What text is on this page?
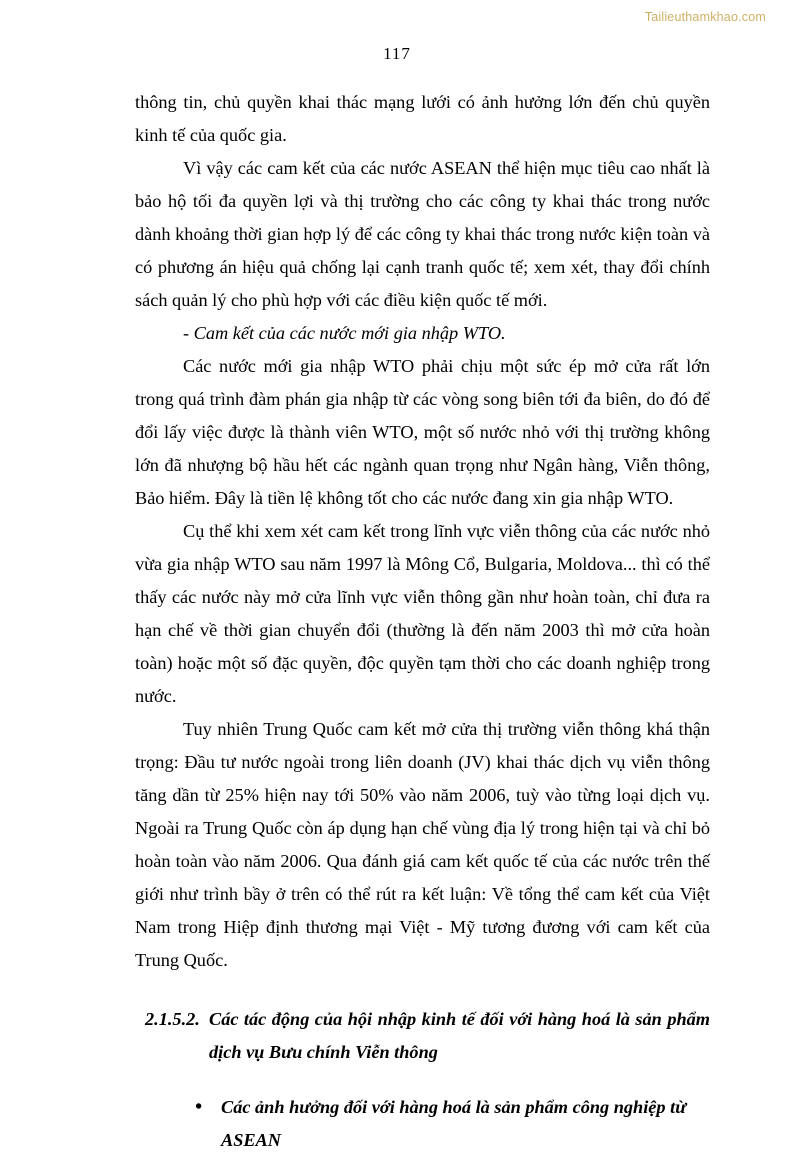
Tailieuthamkhao.com
117

thông tin, chủ quyền khai thác mạng lưới có ảnh hưởng lớn đến chủ quyền kinh tế của quốc gia.

Vì vậy các cam kết của các nước ASEAN thể hiện mục tiêu cao nhất là bảo hộ tối đa quyền lợi và thị trường cho các công ty khai thác trong nước dành khoảng thời gian hợp lý để các công ty khai thác trong nước kiện toàn và có phương án hiệu quả chống lại cạnh tranh quốc tế; xem xét, thay đổi chính sách quản lý cho phù hợp với các điều kiện quốc tế mới.

- Cam kết của các nước mới gia nhập WTO.

Các nước mới gia nhập WTO phải chịu một sức ép mở cửa rất lớn trong quá trình đàm phán gia nhập từ các vòng song biên tới đa biên, do đó để đổi lấy việc được là thành viên WTO, một số nước nhỏ với thị trường không lớn đã nhượng bộ hầu hết các ngành quan trọng như Ngân hàng, Viễn thông, Bảo hiểm. Đây là tiền lệ không tốt cho các nước đang xin gia nhập WTO.

Cụ thể khi xem xét cam kết trong lĩnh vực viễn thông của các nước nhỏ vừa gia nhập WTO sau năm 1997 là Mông Cổ, Bulgaria, Moldova... thì có thể thấy các nước này mở cửa lĩnh vực viễn thông gần như hoàn toàn, chỉ đưa ra hạn chế về thời gian chuyển đổi (thường là đến năm 2003 thì mở cửa hoàn toàn) hoặc một số đặc quyền, độc quyền tạm thời cho các doanh nghiệp trong nước.

Tuy nhiên Trung Quốc cam kết mở cửa thị trường viễn thông khá thận trọng: Đầu tư nước ngoài trong liên doanh (JV) khai thác dịch vụ viễn thông tăng dần từ 25% hiện nay tới 50% vào năm 2006, tuỳ vào từng loại dịch vụ. Ngoài ra Trung Quốc còn áp dụng hạn chế vùng địa lý trong hiện tại và chỉ bỏ hoàn toàn vào năm 2006. Qua đánh giá cam kết quốc tế của các nước trên thế giới như trình bầy ở trên có thể rút ra kết luận: Về tổng thể cam kết của Việt Nam trong Hiệp định thương mại Việt - Mỹ tương đương với cam kết của Trung Quốc.

2.1.5.2. Các tác động của hội nhập kinh tế đối với hàng hoá là sản phẩm dịch vụ Bưu chính Viễn thông
•	Các ảnh hưởng đối với hàng hoá là sản phẩm công nghiệp từ
ASEAN
